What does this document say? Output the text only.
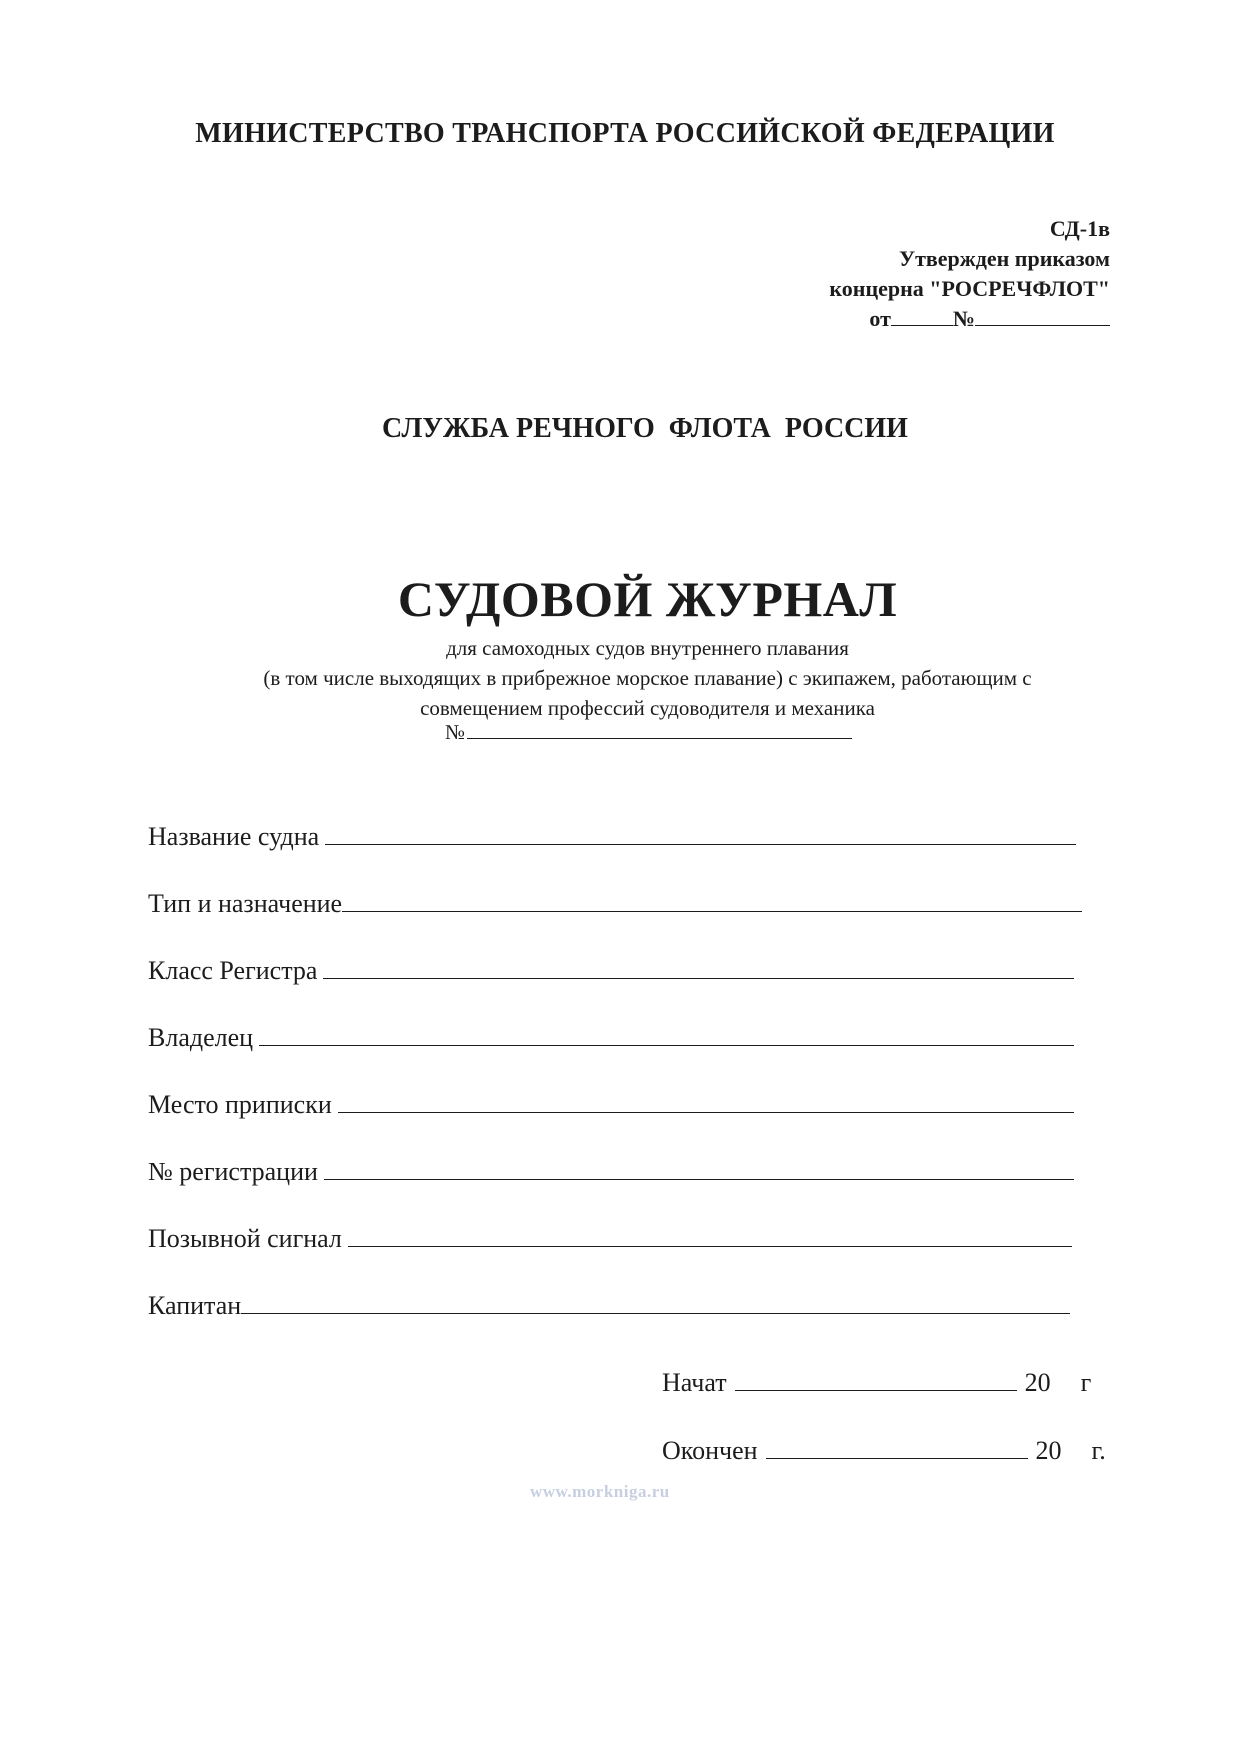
МИНИСТЕРСТВО ТРАНСПОРТА РОССИЙСКОЙ ФЕДЕРАЦИИ
СД-1в
Утвержден приказом
концерна "РОСРЕЧФЛОТ"
от	№
СЛУЖБА РЕЧНОГО  ФЛОТА  РОССИИ
СУДОВОЙ ЖУРНАЛ
для самоходных судов внутреннего плавания
(в том числе выходящих в прибрежное морское плавание) с экипажем, работающим с
совмещением профессий судоводителя и механика
№
Название судна
Тип и назначение
Класс Регистра
Владелец
Место приписки
№ регистрации
Позывной сигнал
Капитан
Начат	20 г
Окончен	20 г.
www.morkniga.ru
